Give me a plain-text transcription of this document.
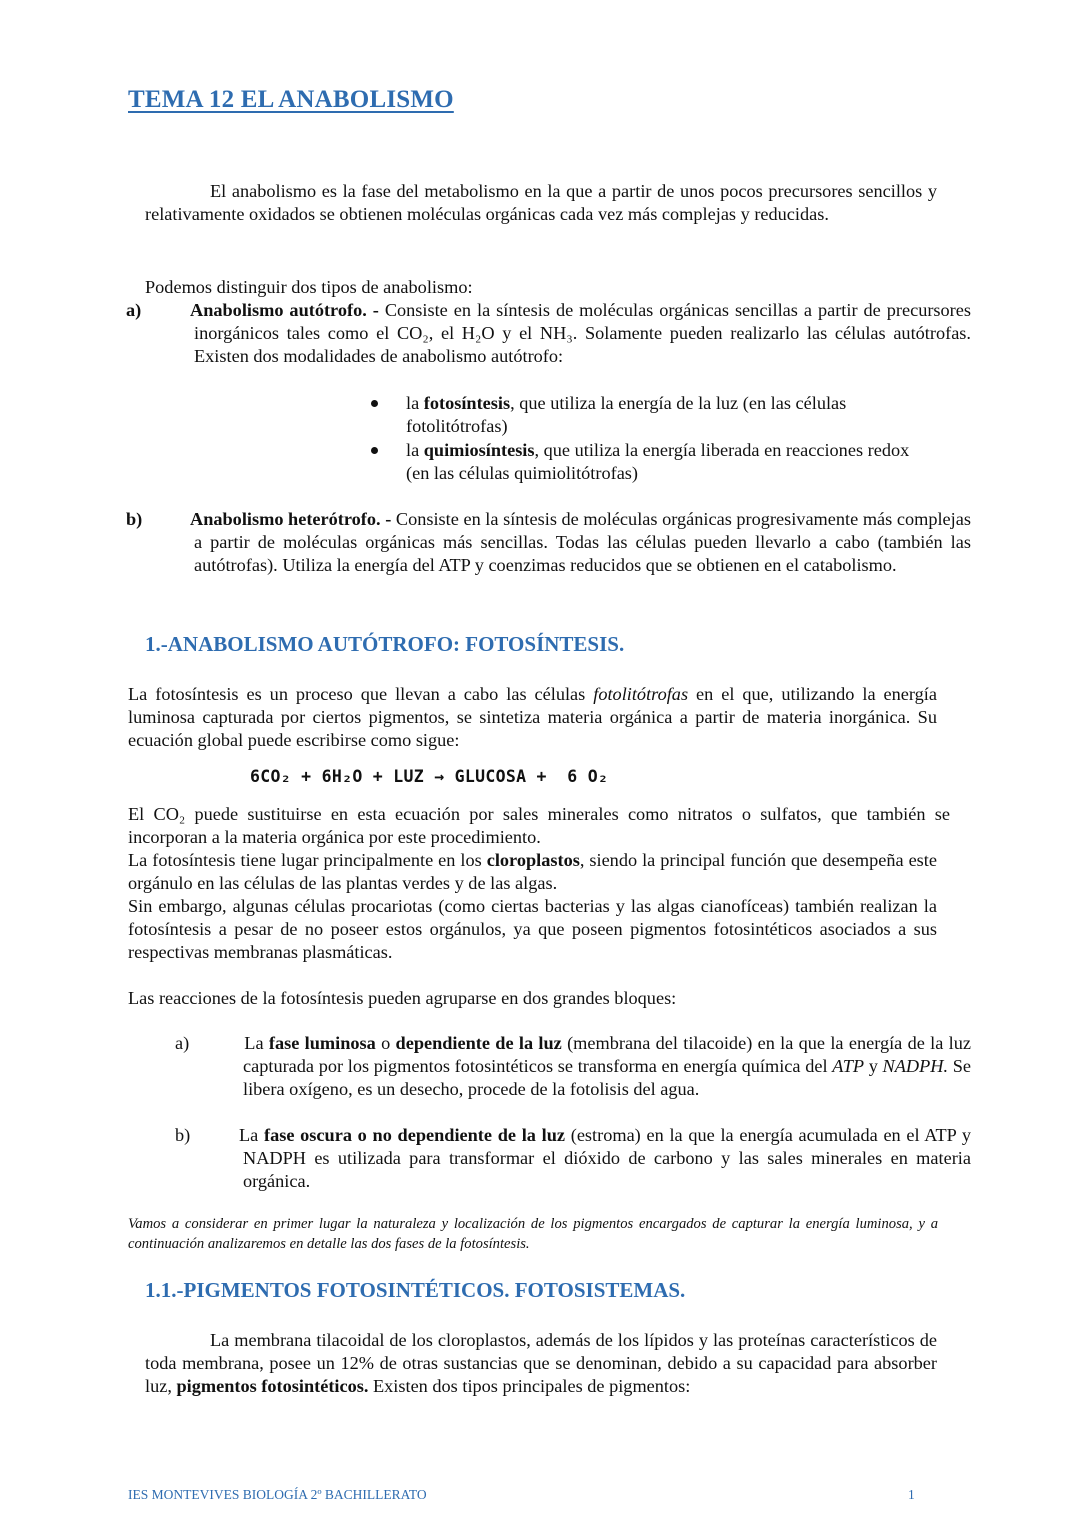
TEMA 12 EL ANABOLISMO

El anabolismo es la fase del metabolismo en la que a partir de unos pocos precursores sencillos y relativamente oxidados se obtienen moléculas orgánicas cada vez más complejas y reducidas.

Podemos distinguir dos tipos de anabolismo:

a)	Anabolismo autótrofo. - Consiste en la síntesis de moléculas orgánicas sencillas a partir de precursores inorgánicos tales como el CO₂, el H₂O y el NH₃. Solamente pueden realizarlo las células autótrofas. Existen dos modalidades de anabolismo autótrofo:
la fotosíntesis, que utiliza la energía de la luz (en las células fotolitótrofas)
la quimiosíntesis, que utiliza la energía liberada en reacciones redox (en las células quimiolitótrofas)
b)	Anabolismo heterótrofo. - Consiste en la síntesis de moléculas orgánicas progresivamente más complejas a partir de moléculas orgánicas más sencillas. Todas las células pueden llevarlo a cabo (también las autótrofas). Utiliza la energía del ATP y coenzimas reducidos que se obtienen en el catabolismo.
1.-ANABOLISMO AUTÓTROFO: FOTOSÍNTESIS.

La fotosíntesis es un proceso que llevan a cabo las células fotolitótrofas en el que, utilizando la energía luminosa capturada por ciertos pigmentos, se sintetiza materia orgánica a partir de materia inorgánica. Su ecuación global puede escribirse como sigue:

6CO₂ + 6H₂O + LUZ → GLUCOSA +  6 O₂

El CO₂ puede sustituirse en esta ecuación por sales minerales como nitratos o sulfatos, que también se incorporan a la materia orgánica por este procedimiento.

La fotosíntesis tiene lugar principalmente en los cloroplastos, siendo la principal función que desempeña este orgánulo en las células de las plantas verdes y de las algas.

Sin embargo, algunas células procariotas (como ciertas bacterias y las algas cianofíceas) también realizan la fotosíntesis a pesar de no poseer estos orgánulos, ya que poseen pigmentos fotosintéticos asociados a sus respectivas membranas plasmáticas.

Las reacciones de la fotosíntesis pueden agruparse en dos grandes bloques:

a)	La fase luminosa o dependiente de la luz (membrana del tilacoide) en la que la energía de la luz capturada por los pigmentos fotosintéticos se transforma en energía química del ATP y NADPH. Se libera oxígeno, es un desecho, procede de la fotolisis del agua.
b)	La fase oscura o no dependiente de la luz (estroma) en la que la energía acumulada en el ATP y NADPH es utilizada para transformar el dióxido de carbono y las sales minerales en materia orgánica.

Vamos a considerar en primer lugar la naturaleza y localización de los pigmentos encargados de capturar la energía luminosa, y a continuación analizaremos en detalle las dos fases de la fotosíntesis.

1.1.-PIGMENTOS FOTOSINTÉTICOS. FOTOSISTEMAS.

La membrana tilacoidal de los cloroplastos, además de los lípidos y las proteínas característicos de toda membrana, posee un 12% de otras sustancias que se denominan, debido a su capacidad para absorber luz, pigmentos fotosintéticos. Existen dos tipos principales de pigmentos:

IES MONTEVIVES BIOLOGÍA 2º BACHILLERATO	1
